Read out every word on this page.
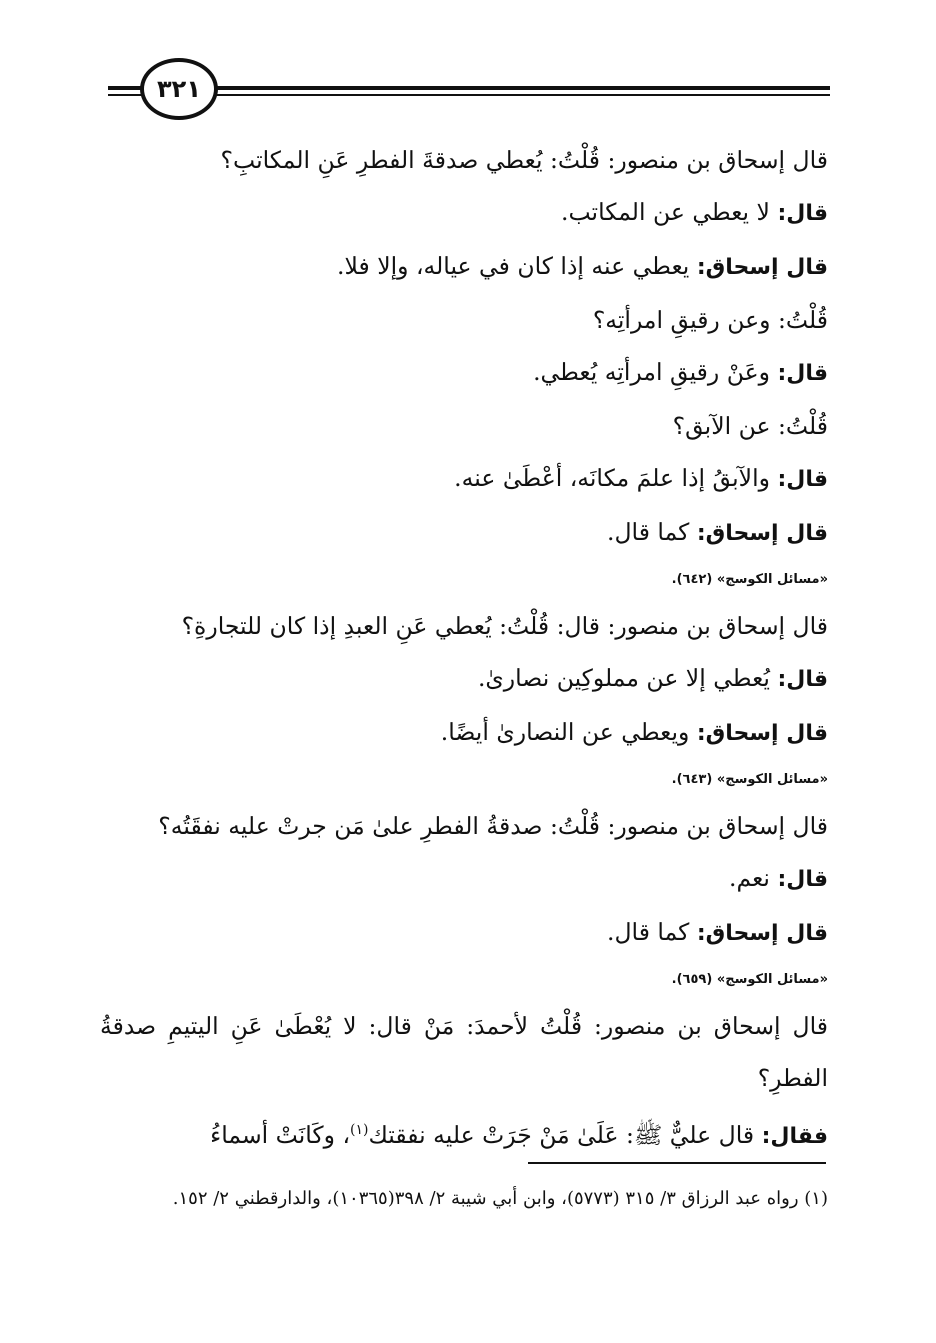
٣٢١
قال إسحاق بن منصور: قُلْتُ: يُعطي صدقةَ الفطرِ عَنِ المكاتبِ؟
قال: لا يعطي عن المكاتب.
قال إسحاق: يعطي عنه إذا كان في عياله، وإلا فلا.
قُلْتُ: وعن رقيقِ امرأتِه؟
قال: وعَنْ رقيقِ امرأتِه يُعطي.
قُلْتُ: عن الآبق؟
قال: والآبقُ إذا علمَ مكانَه، أعْطَىٰ عنه.
قال إسحاق: كما قال.
«مسائل الكوسج» (٦٤٢).
قال إسحاق بن منصور: قال: قُلْتُ: يُعطي عَنِ العبدِ إذا كان للتجارةِ؟
قال: يُعطي إلا عن مملوكِين نصارىٰ.
قال إسحاق: ويعطي عن النصارىٰ أيضًا.
«مسائل الكوسج» (٦٤٣).
قال إسحاق بن منصور: قُلْتُ: صدقةُ الفطرِ علىٰ مَن جرتْ عليه نفقَتُه؟
قال: نعم.
قال إسحاق: كما قال.
«مسائل الكوسج» (٦٥٩).
قال إسحاق بن منصور: قُلْتُ لأحمدَ: مَنْ قال: لا يُعْطَىٰ عَنِ اليتيمِ صدقةُ الفطرِ؟
فقال: قال عليٌّ ﷺ: عَلَىٰ مَنْ جَرَتْ عليه نفقتك$^{(١)}$، وكَانَتْ أسماءُ
(١) رواه عبد الرزاق ٣/ ٣١٥ (٥٧٧٣)، وابن أبي شيبة ٢/ ٣٩٨(١٠٣٦٥)، والدارقطني ٢/ ١٥٢.
